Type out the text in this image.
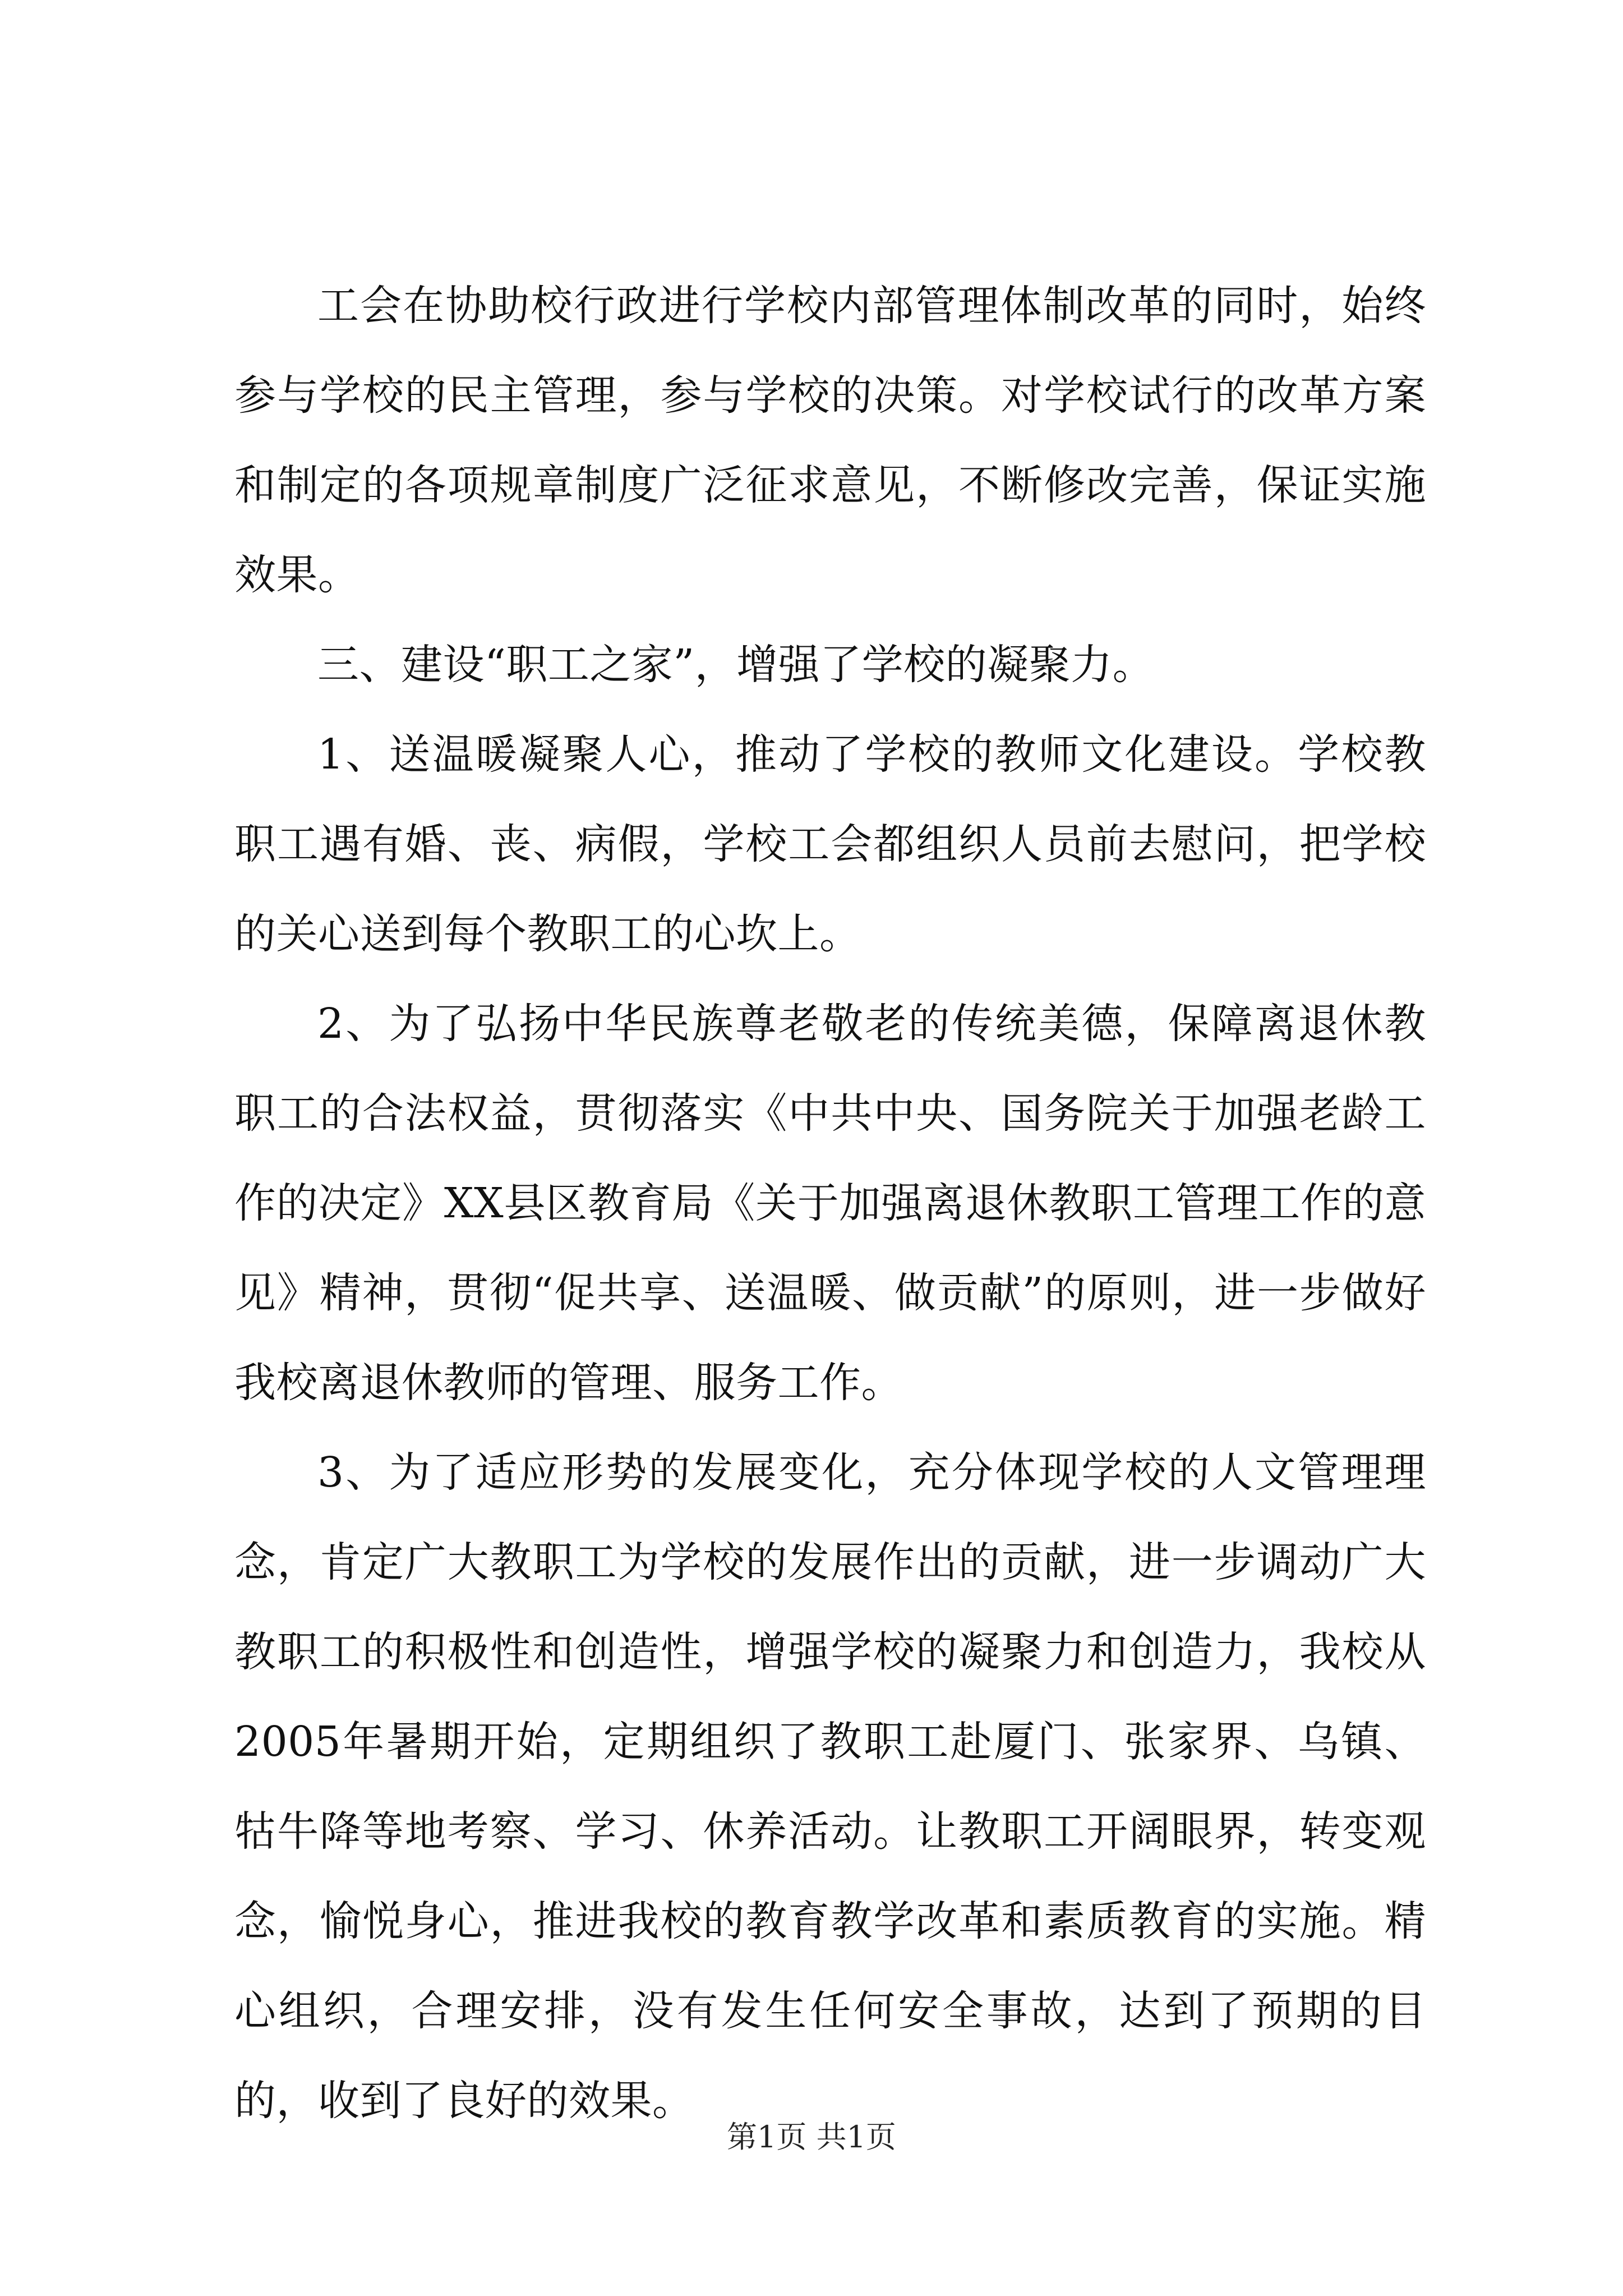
工会在协助校行政进行学校内部管理体制改革的同时，始终参与学校的民主管理，参与学校的决策。对学校试行的改革方案和制定的各项规章制度广泛征求意见，不断修改完善，保证实施效果。

三、建设“职工之家”，增强了学校的凝聚力。

1、送温暖凝聚人心，推动了学校的教师文化建设。学校教职工遇有婚、丧、病假，学校工会都组织人员前去慰问，把学校的关心送到每个教职工的心坎上。

2、为了弘扬中华民族尊老敬老的传统美德，保障离退休教职工的合法权益，贯彻落实《中共中央、国务院关于加强老龄工作的决定》XX县区教育局《关于加强离退休教职工管理工作的意见》精神，贯彻“促共享、送温暖、做贡献”的原则，进一步做好我校离退休教师的管理、服务工作。

3、为了适应形势的发展变化，充分体现学校的人文管理理念，肯定广大教职工为学校的发展作出的贡献，进一步调动广大教职工的积极性和创造性，增强学校的凝聚力和创造力，我校从2005年暑期开始，定期组织了教职工赴厦门、张家界、乌镇、牯牛降等地考察、学习、休养活动。让教职工开阔眼界，转变观念，愉悦身心，推进我校的教育教学改革和素质教育的实施。精心组织，合理安排，没有发生任何安全事故，达到了预期的目的，收到了良好的效果。

第1页 共1页
